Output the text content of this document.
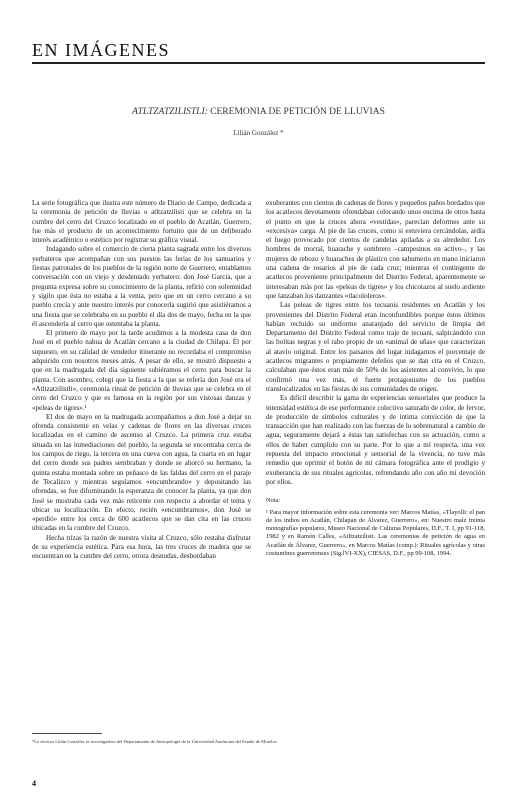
EN IMÁGENES
ATLTZATZILISTLI: CEREMONIA DE PETICIÓN DE LLUVIAS
Lilián González *

La serie fotográfica que ilustra este número de Diario de Campo, dedicada a la ceremonia de petición de lluvias o atltzatzilisti que se celebra en la cumbre del cerro del Cruzco localizado en el pueblo de Acatlán, Guerrero, fue más el producto de un acontecimiento fortuito que de un deliberado interés académico o estético por registrar su gráfica visual.

Indagando sobre el comercio de cierta planta sagrada entre los diversos yerbateros que acompañan con sus puestos las ferias de los santuarios y fiestas patronales de los pueblos de la región norte de Guerrero, entablamos conversación con un viejo y desdentado yerbatero: don José García, que a pregunta expresa sobre su conocimiento de la planta, refirió con solemnidad y sigilo que ésta no estaba a la venta, pero que en un cerro cercano a su pueblo crecía y ante nuestro interés por conocerla sugirió que asistiéramos a una fiesta que se celebraba en su pueblo el día dos de mayo, fecha en la que él ascendería al cerro que ostentaba la planta.

El primero de mayo por la tarde acudimos a la modesta casa de don José en el pueblo nahua de Acatlán cercano a la ciudad de Chilapa. Él por supuesto, en su calidad de vendedor itinerante no recordaba el compromiso adquirido con nosotros meses atrás. A pesar de ello, se mostró dispuesto a que en la madrugada del día siguiente subiéramos el cerro para buscar la planta. Con asombro, colegí que la fiesta a la que se refería don José era el «Atltzatzilistli», ceremonia ritual de petición de lluvias que se celebra en el cerro del Cruzco y que es famosa en la región por sus vistosas danzas y «peleas de tigres».¹

El dos de mayo en la madrugada acompañamos a don José a dejar su ofrenda consistente en velas y cadenas de flores en las diversas cruces localizadas en el camino de ascenso al Cruzco. La primera cruz estaba situada en las inmediaciones del pueblo, la segunda se encontraba cerca de los campos de riego, la tercera en una cueva con agua, la cuarta en un lugar del cerro donde sus padres sembraban y donde se ahorcó su hermano, la quinta estaba montada sobre un peñasco de las faldas del cerro en el paraje de Tecalizco y mientras seguíamos «encumbrando» y depositando las ofrendas, se fue difuminando la esperanza de conocer la planta, ya que don José se mostraba cada vez más reticente con respecto a abordar el tema y ubicar su localización. En efecto, recién «encumbramos», don José se «perdió» entre los cerca de 600 acatlecos que se dan cita en las cruces ubicadas en la cumbre del Cruzco.

Hecha trizas la razón de nuestra visita al Cruzco, sólo restaba disfrutar de su experiencia estética. Para esa hora, las tres cruces de madera que se encuentran en la cumbre del cerro, otrora desnudas, desbordaban

exuberantes con cientos de cadenas de flores y pequeños paños bordados que los acatlecos devotamente ofrendaban colocando unos encima de otros hasta el punto en que la cruces ahora «vestidas», parecían deformes ante su «excesiva» carga. Al pie de las cruces, como si estuviera cercándolas, ardía el fuego provocado por cientos de candelas apiladas a su alrededor. Los hombres de morral, huarache y sombrero –campesinos en activo–, y las mujeres de rebozo y huaraches de plástico con sahumerio en mano iniciaron una cadena de rosarios al pie de cada cruz; mientras el contingente de acatlecos proveniente principalmente del Distrito Federal, aparentemente se interesaban más por las «peleas de tigres» y los chicotazos al suelo ardiente que lanzaban los danzantes «tlacololeros».

Las peleas de tigres entre los tecuanis residentes en Acatlán y los provenientes del Distrito Federal eran inconfundibles porque éstos últimos habían recluido su uniforme anaranjado del servicio de limpia del Departamento del Distrito Federal como traje de tecuani, salpicándolo con las bolitas negras y el rabo propio de un «animal de uñas» que caracterizan al atavío original. Entre los paisanos del lugar indagamos el porcentaje de acatlecos migrantes o propiamente defeños que se dan cita en el Cruzco, calculaban que éstos eran más de 50% de los asistentes al convivio, lo que confirmó una vez más, el fuerte protagonismo de los pueblos translocalizados en las fiestas de sus comunidades de origen.

Es difícil describir la gama de experiencias sensoriales que produce la intensidad estética de ese performance colectivo saturado de color, de fervor, de producción de símbolos culturales y de íntima convicción de que la transacción que han realizado con las fuerzas de lo sobrenatural a cambio de agua, seguramente dejará a éstas tan satisfechas con su actuación, como a ellos de haber cumplido con su parte. Por lo que a mí respecta, una vez repuesta del impacto emocional y sensorial de la vivencia, no tuve más remedio que oprimir el botón de mi cámara fotográfica ante el prodigio y exuberancia de sus rituales agrícolas, refrendando año con año mi devoción por ellos.

Nota:
¹ Para mayor información sobre esta ceremonia ver: Marcos Matías, «Tlayolli: el pan de los indios en Acatlán, Chilapan de Álvarez, Guerrero», en: Nuestro maíz treinta monografías populares, Museo Nacional de Culturas Populares, D.F., T. I, pp 91-118, 1982 y en Ramón Calles, «Atltzatzilisti. Las ceremonias de petición de agua en Acatlán de Álvarez, Guerrero», en Marcos Matías (comp.): Rituales agrícolas y otras costumbres guerrerenses (Sig.lVI-XX), CIESAS, D.F., pp 99-108, 1994.
*La doctora Lilián González es investigadora del Departamento de Antropología de la Universidad Autónoma del Estado de Morelos.
4
